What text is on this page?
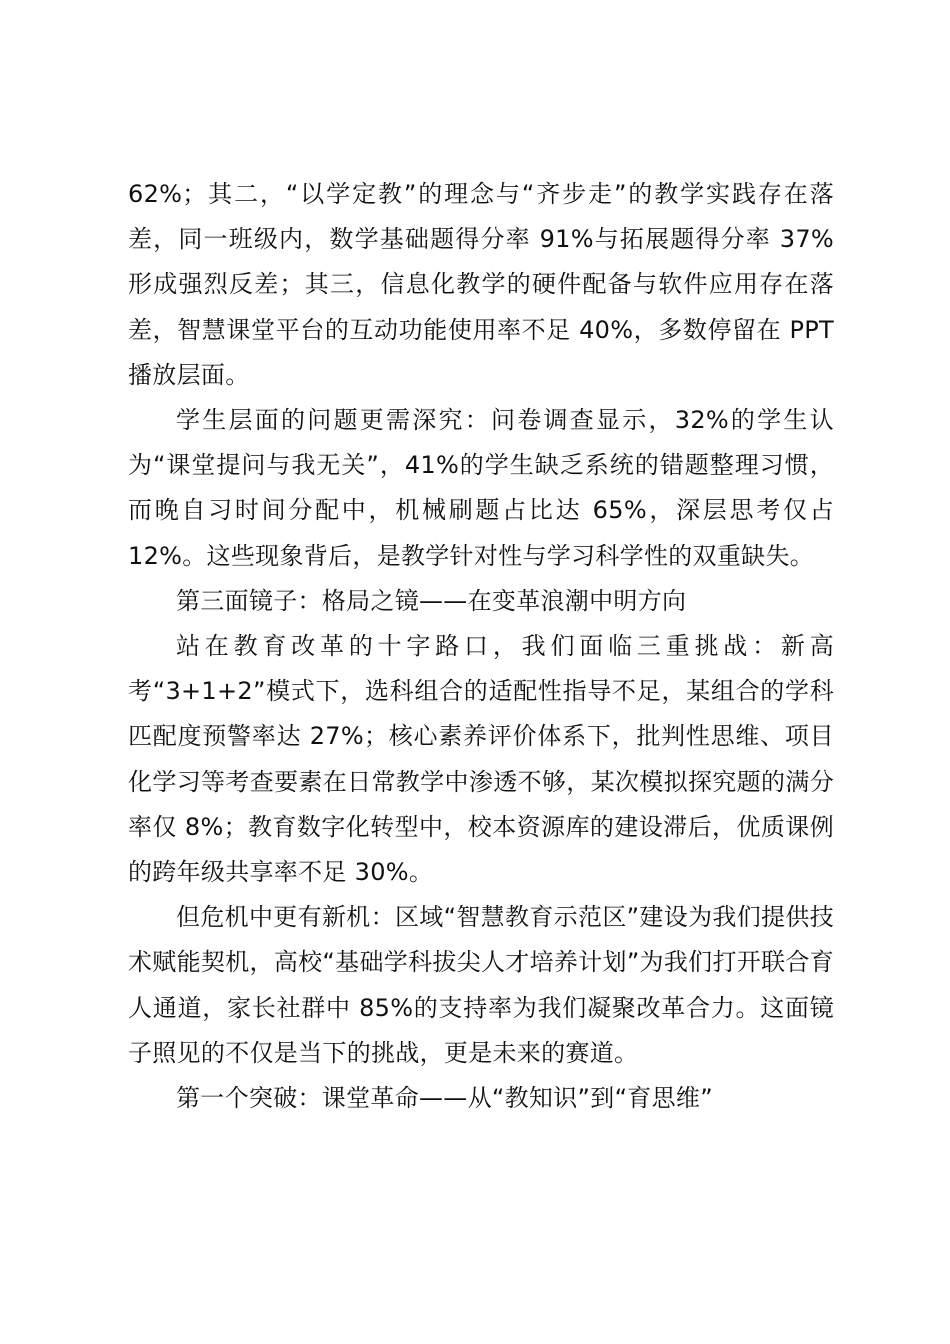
62%；其二，“以学定教”的理念与“齐步走”的教学实践存在落差，同一班级内，数学基础题得分率 91%与拓展题得分率 37%形成强烈反差；其三，信息化教学的硬件配备与软件应用存在落差，智慧课堂平台的互动功能使用率不足 40%，多数停留在 PPT 播放层面。

学生层面的问题更需深究：问卷调查显示，32%的学生认为“课堂提问与我无关”，41%的学生缺乏系统的错题整理习惯，而晚自习时间分配中，机械刷题占比达 65%，深层思考仅占 12%。这些现象背后，是教学针对性与学习科学性的双重缺失。

第三面镜子：格局之镜——在变革浪潮中明方向

站在教育改革的十字路口，我们面临三重挑战：新高考“3+1+2”模式下，选科组合的适配性指导不足，某组合的学科匹配度预警率达 27%；核心素养评价体系下，批判性思维、项目化学习等考查要素在日常教学中渗透不够，某次模拟探究题的满分率仅 8%；教育数字化转型中，校本资源库的建设滞后，优质课例的跨年级共享率不足 30%。

但危机中更有新机：区域“智慧教育示范区”建设为我们提供技术赋能契机，高校“基础学科拔尖人才培养计划”为我们打开联合育人通道，家长社群中 85%的支持率为我们凝聚改革合力。这面镜子照见的不仅是当下的挑战，更是未来的赛道。

第一个突破：课堂革命——从“教知识”到“育思维”
